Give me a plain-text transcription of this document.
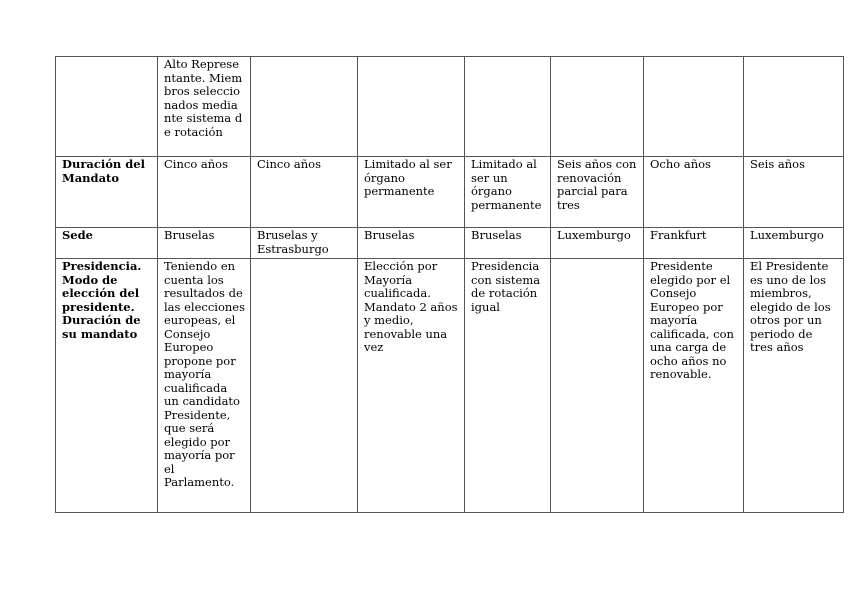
	Alto Representante. Miembros seleccionados mediante sistema de rotación						
Duración del Mandato	Cinco años	Cinco años	Limitado al ser órgano permanente	Limitado al ser un órgano permanente	Seis años con renovación parcial para tres	Ocho años	Seis años
Sede	Bruselas	Bruselas y Estrasburgo	Bruselas	Bruselas	Luxemburgo	Frankfurt	Luxemburgo
Presidencia. Modo de elección del presidente. Duración de su mandato	Teniendo en cuenta los resultados de las elecciones europeas, el Consejo Europeo propone por mayoría cualificada un candidato Presidente, que será elegido por mayoría por el Parlamento.		Elección por Mayoría cualificada. Mandato 2 años y medio, renovable una vez	Presidencia con sistema de rotación igual		Presidente elegido por el Consejo Europeo por mayoría calificada, con una carga de ocho años no renovable.	El Presidente es uno de los miembros, elegido de los otros por un periodo de tres años
